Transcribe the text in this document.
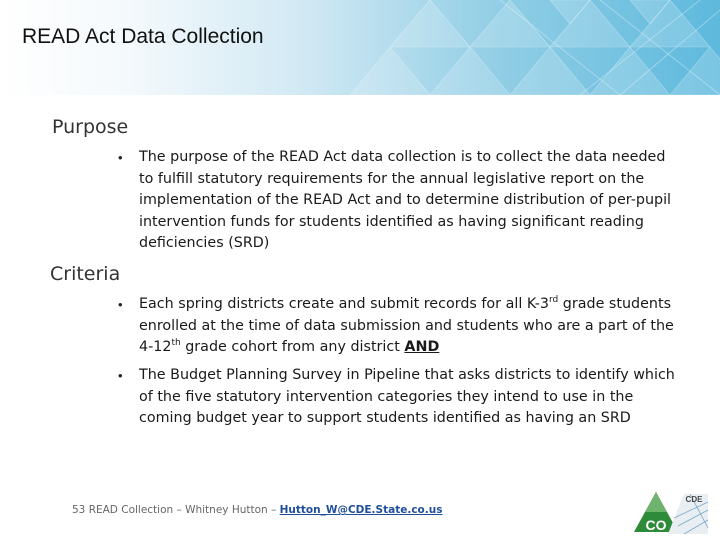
READ Act Data Collection
Purpose
• The purpose of the READ Act data collection is to collect the data needed to fulfill statutory requirements for the annual legislative report on the implementation of the READ Act and to determine distribution of per-pupil intervention funds for students identified as having significant reading deficiencies (SRD)
Criteria
• Each spring districts create and submit records for all K-3rd grade students enrolled at the time of data submission and students who are a part of the 4-12th grade cohort from any district AND
• The Budget Planning Survey in Pipeline that asks districts to identify which of the five statutory intervention categories they intend to use in the coming budget year to support students identified as having an SRD
53 READ Collection – Whitney Hutton – Hutton_W@CDE.State.co.us
CDE
CO
